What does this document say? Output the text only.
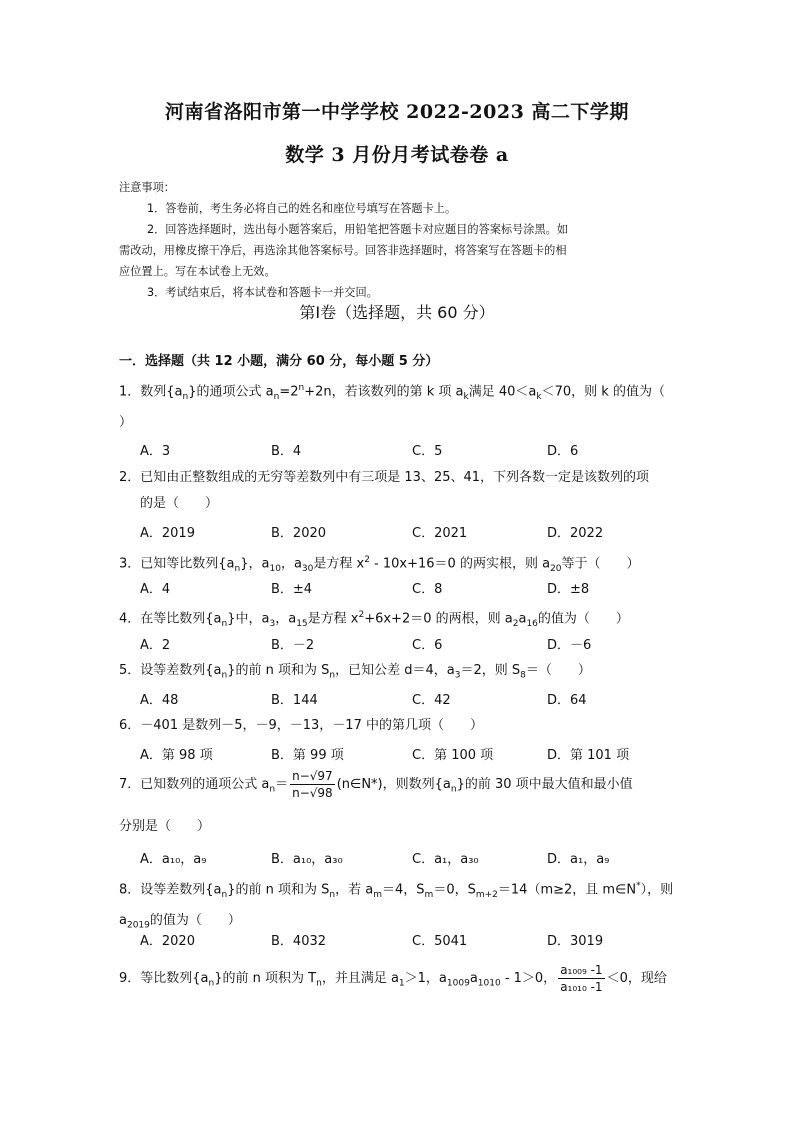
河南省洛阳市第一中学学校 2022-2023 高二下学期
数学 3 月份月考试卷卷 a
注意事项：
1．答卷前，考生务必将自己的姓名和座位号填写在答题卡上。
2．回答选择题时，选出每小题答案后，用铅笔把答题卡对应题目的答案标号涂黑。如
需改动，用橡皮擦干净后，再选涂其他答案标号。回答非选择题时，将答案写在答题卡的相
应位置上。写在本试卷上无效。
3．考试结束后，将本试卷和答题卡一并交回。
第Ⅰ卷（选择题，共 60 分）
一．选择题（共 12 小题，满分 60 分，每小题 5 分）
1．数列$\{a_n\}$的通项公式 $a_n=2^n+2n$，若该数列的第 k 项 $a_k$满足 $40<a_k<70$，则 k 的值为（
）
A．3	B．4	C．5	D．6
2．已知由正整数组成的无穷等差数列中有三项是 13、25、41，下列各数一定是该数列的项
的是（　　）
A．2019	B．2020	C．2021	D．2022
3．已知等比数列$\{a_n\}$，$a_{10}$，$a_{30}$是方程 $x^2 - 10x+16=0$ 的两实根，则 $a_{20}$等于（　　）
A．4	B．±4	C．8	D．±8
4．在等比数列$\{a_n\}$中，$a_3$，$a_{15}$是方程 $x^2+6x+2=0$ 的两根，则 $a_2a_{16}$的值为（　　）
A．2	B．－2	C．6	D．－6
5．设等差数列$\{a_n\}$的前 n 项和为 $S_n$，已知公差 d＝4，$a_3=2$，则 $S_8=$（　　）
A．48	B．144	C．42	D．64
6．－401 是数列－5，－9，－13，－17 中的第几项（　　）
A．第 98 项	B．第 99 项	C．第 100 项	D．第 101 项
7．已知数列的通项公式 $a_n= \frac{n-√97}{n-√98}$ (n∈N*)，则数列$\{a_n\}$的前 30 项中最大值和最小值
分别是（　　）
A．a₁₀，a₉	B．a₁₀，a₃₀	C．a₁，a₃₀	D．a₁，a₉
8．设等差数列$\{a_n\}$的前 n 项和为 $S_n$，若 $a_m=4$，$S_m=0$，$S_{m+2}=14(m\ge 2$，且 m∈N*），则
$a_{2019}$的值为（　　）
A．2020	B．4032	C．5041	D．3019
9．等比数列$\{a_n\}$的前 n 项积为 $T_n$，并且满足 $a_1>1$，$a_{1009}a_{1010} - 1>0$， $\frac{\text{a₁₀₀₉ -1}}{\text{a₁₀₁₀ -1}} <0$，现给
